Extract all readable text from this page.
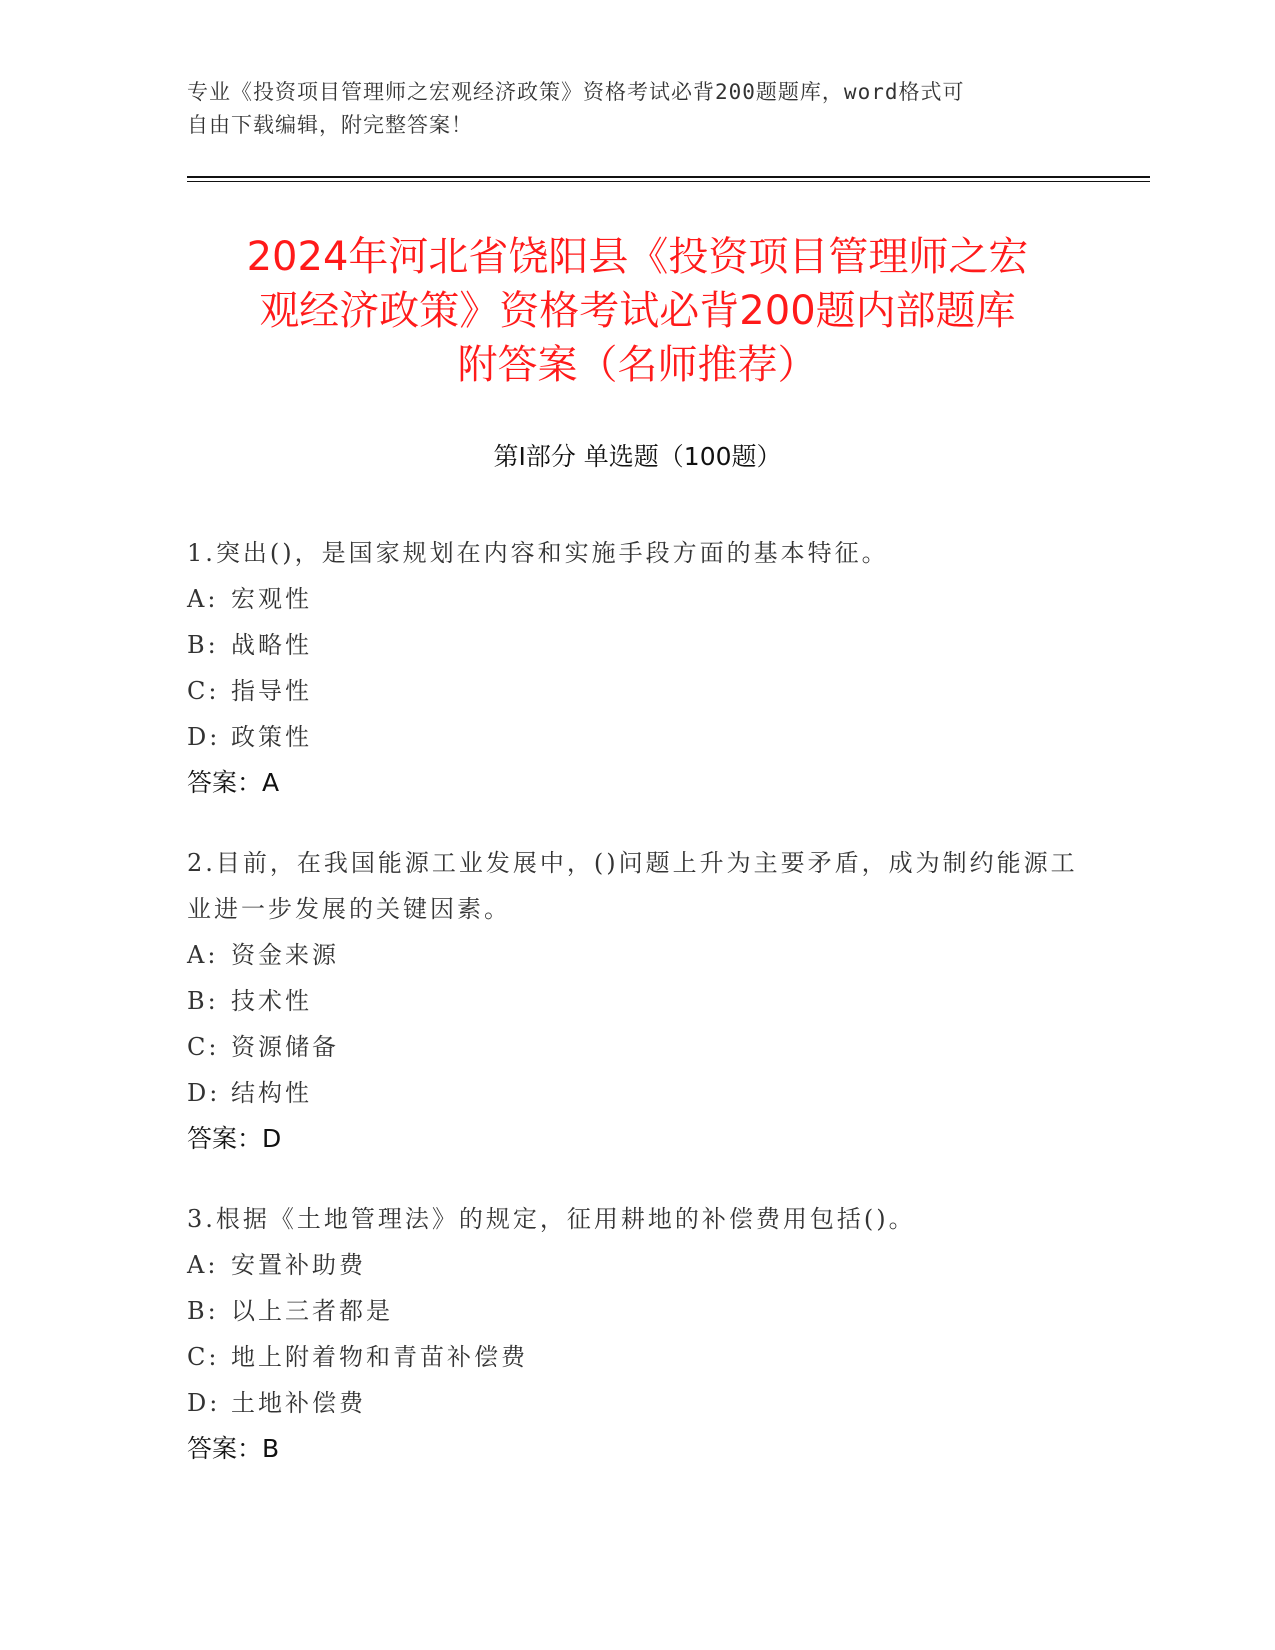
专业《投资项目管理师之宏观经济政策》资格考试必背200题题库，word格式可
自由下载编辑，附完整答案！
2024年河北省饶阳县《投资项目管理师之宏
观经济政策》资格考试必背200题内部题库
附答案（名师推荐）
第Ⅰ部分 单选题（100题）
1.突出()，是国家规划在内容和实施手段方面的基本特征。
A: 宏观性
B: 战略性
C: 指导性
D: 政策性
答案：A
2.目前，在我国能源工业发展中，()问题上升为主要矛盾，成为制约能源工业进一步发展的关键因素。
A: 资金来源
B: 技术性
C: 资源储备
D: 结构性
答案：D
3.根据《土地管理法》的规定，征用耕地的补偿费用包括()。
A: 安置补助费
B: 以上三者都是
C: 地上附着物和青苗补偿费
D: 土地补偿费
答案：B
